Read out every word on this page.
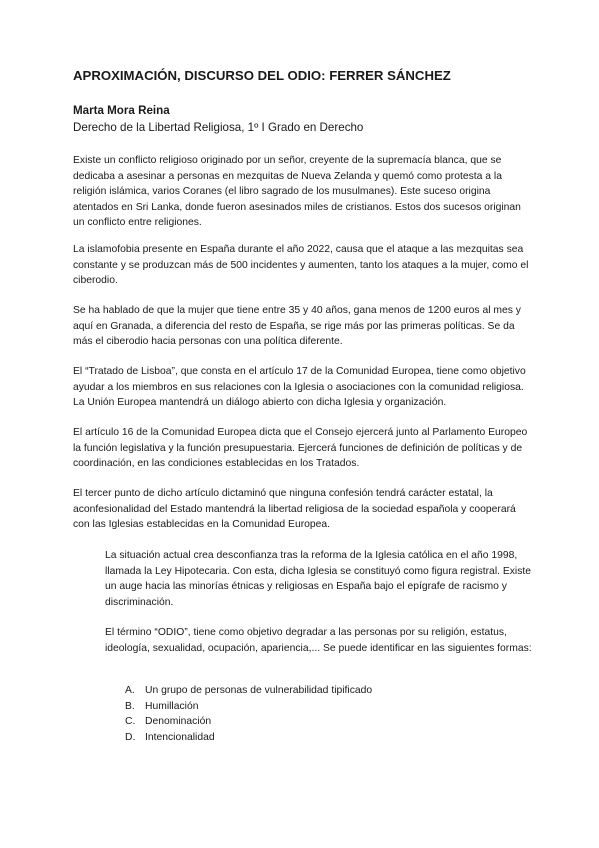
APROXIMACIÓN, DISCURSO DEL ODIO: FERRER SÁNCHEZ

Marta Mora Reina

Derecho de la Libertad Religiosa, 1º I Grado en Derecho

Existe un conflicto religioso originado por un señor, creyente de la supremacía blanca, que se dedicaba a asesinar a personas en mezquitas de Nueva Zelanda y quemó como protesta a la religión islámica, varios Coranes (el libro sagrado de los musulmanes). Este suceso origina atentados en Sri Lanka, donde fueron asesinados miles de cristianos. Estos dos sucesos originan un conflicto entre religiones.

La islamofobia presente en España durante el año 2022, causa que el ataque a las mezquitas sea constante y se produzcan más de 500 incidentes y aumenten, tanto los ataques a la mujer, como el ciberodio.

Se ha hablado de que la mujer que tiene entre 35 y 40 años, gana menos de 1200 euros al mes y aquí en Granada, a diferencia del resto de España, se rige más por las primeras políticas. Se da más el ciberodio hacia personas con una política diferente.

El “Tratado de Lisboa”, que consta en el artículo 17 de la Comunidad Europea, tiene como objetivo ayudar a los miembros en sus relaciones con la Iglesia o asociaciones con la comunidad religiosa. La Unión Europea mantendrá un diálogo abierto con dicha Iglesia y organización.

El artículo 16 de la Comunidad Europea dicta que el Consejo ejercerá junto al Parlamento Europeo la función legislativa y la función presupuestaria. Ejercerá funciones de definición de políticas y de coordinación, en las condiciones establecidas en los Tratados.

El tercer punto de dicho artículo dictaminó que ninguna confesión tendrá carácter estatal, la aconfesionalidad del Estado mantendrá la libertad religiosa de la sociedad española y cooperará con las Iglesias establecidas en la Comunidad Europea.

La situación actual crea desconfianza tras la reforma de la Iglesia católica en el año 1998, llamada la Ley Hipotecaria. Con esta, dicha Iglesia se constituyó como figura registral. Existe un auge hacia las minorías étnicas y religiosas en España bajo el epígrafe de racismo y discriminación.

El término “ODIO”, tiene como objetivo degradar a las personas por su religión, estatus, ideología, sexualidad, ocupación, apariencia,... Se puede identificar en las siguientes formas:

A. Un grupo de personas de vulnerabilidad tipificado
B. Humillación
C. Denominación
D. Intencionalidad
